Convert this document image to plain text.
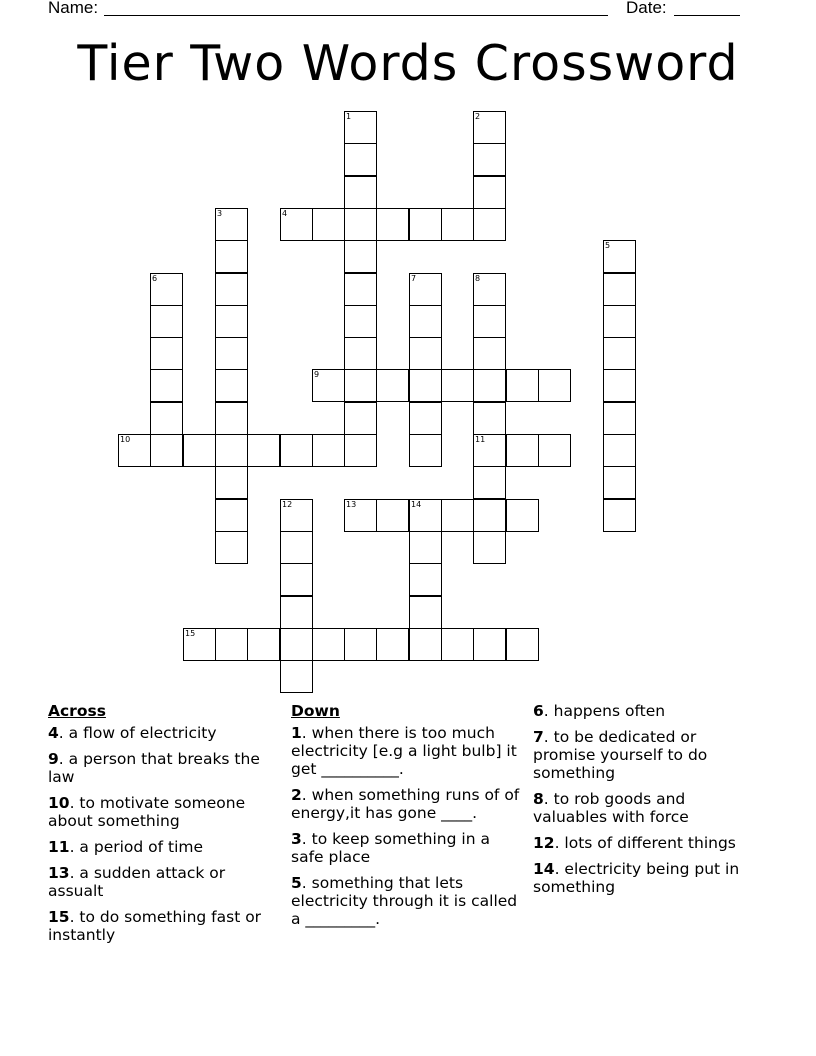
Name:	Date:
Tier Two Words Crossword
1	2
3	4
5
6	7	8
11
9
10
12	13	14
15
Across
4. a flow of electricity
9. a person that breaks the law
10. to motivate someone about something
11. a period of time
13. a sudden attack or assualt
15. to do something fast or instantly
Down
1. when there is too much electricity [e.g a light bulb] it get __________.
2. when something runs of of energy,it has gone ____.
3. to keep something in a safe place
5. something that lets electricity through it is called a _________.
6. happens often
7. to be dedicated or promise yourself to do something
8. to rob goods and valuables with force
12. lots of different things
14. electricity being put in something
